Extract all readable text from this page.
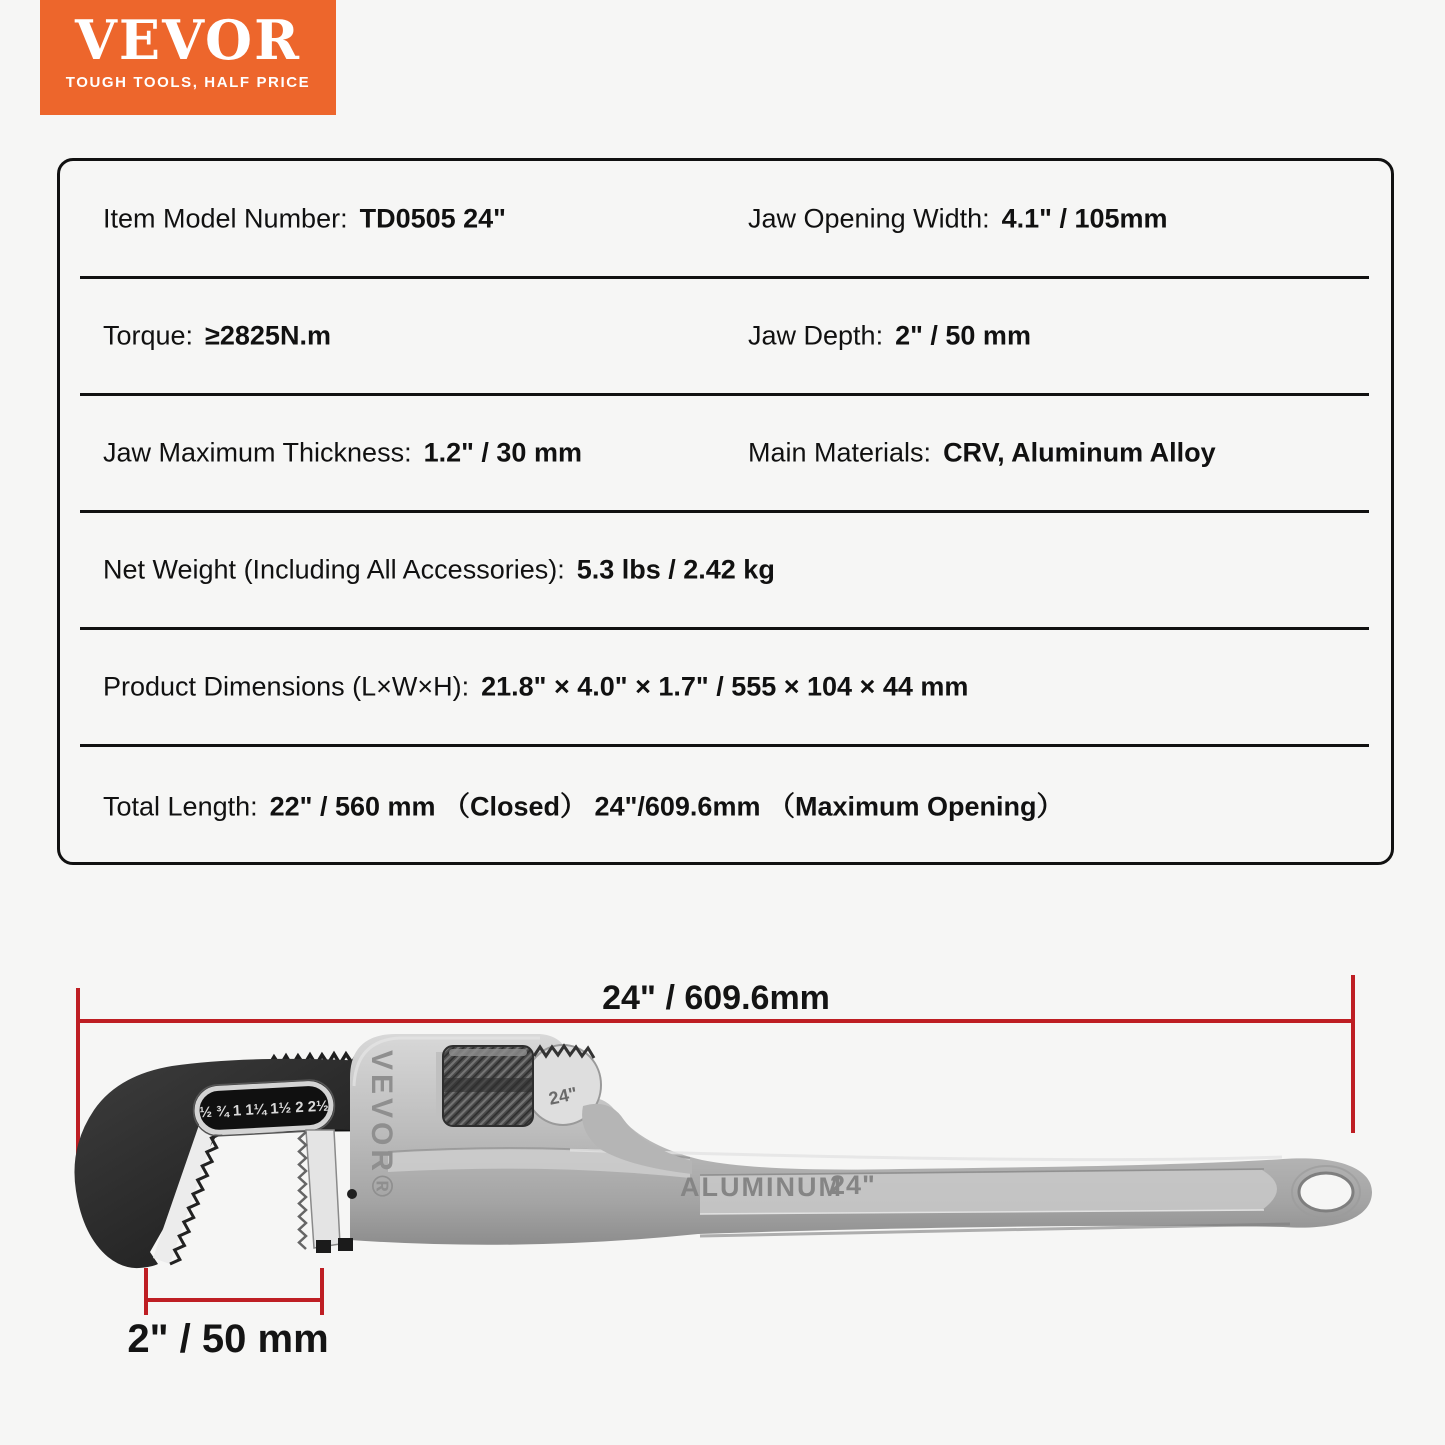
VEVOR
TOUGH TOOLS, HALF PRICE
Item Model Number: TD0505 24"	Jaw Opening Width: 4.1" / 105mm
Torque: ≥2825N.m	Jaw Depth: 2" / 50 mm
Jaw Maximum Thickness: 1.2" / 30 mm	Main Materials: CRV, Aluminum Alloy
Net Weight (Including All Accessories): 5.3 lbs / 2.42 kg
Product Dimensions (L×W×H): 21.8" × 4.0" × 1.7" / 555 × 104 × 44 mm
Total Length: 22" / 560 mm （Closed） 24"/609.6mm （Maximum Opening）
24" / 609.6mm
½ ¾ 1 1¼ 1½ 2 2½ VEVOR®	24"
ALUMINUM
24"
2" / 50 mm
